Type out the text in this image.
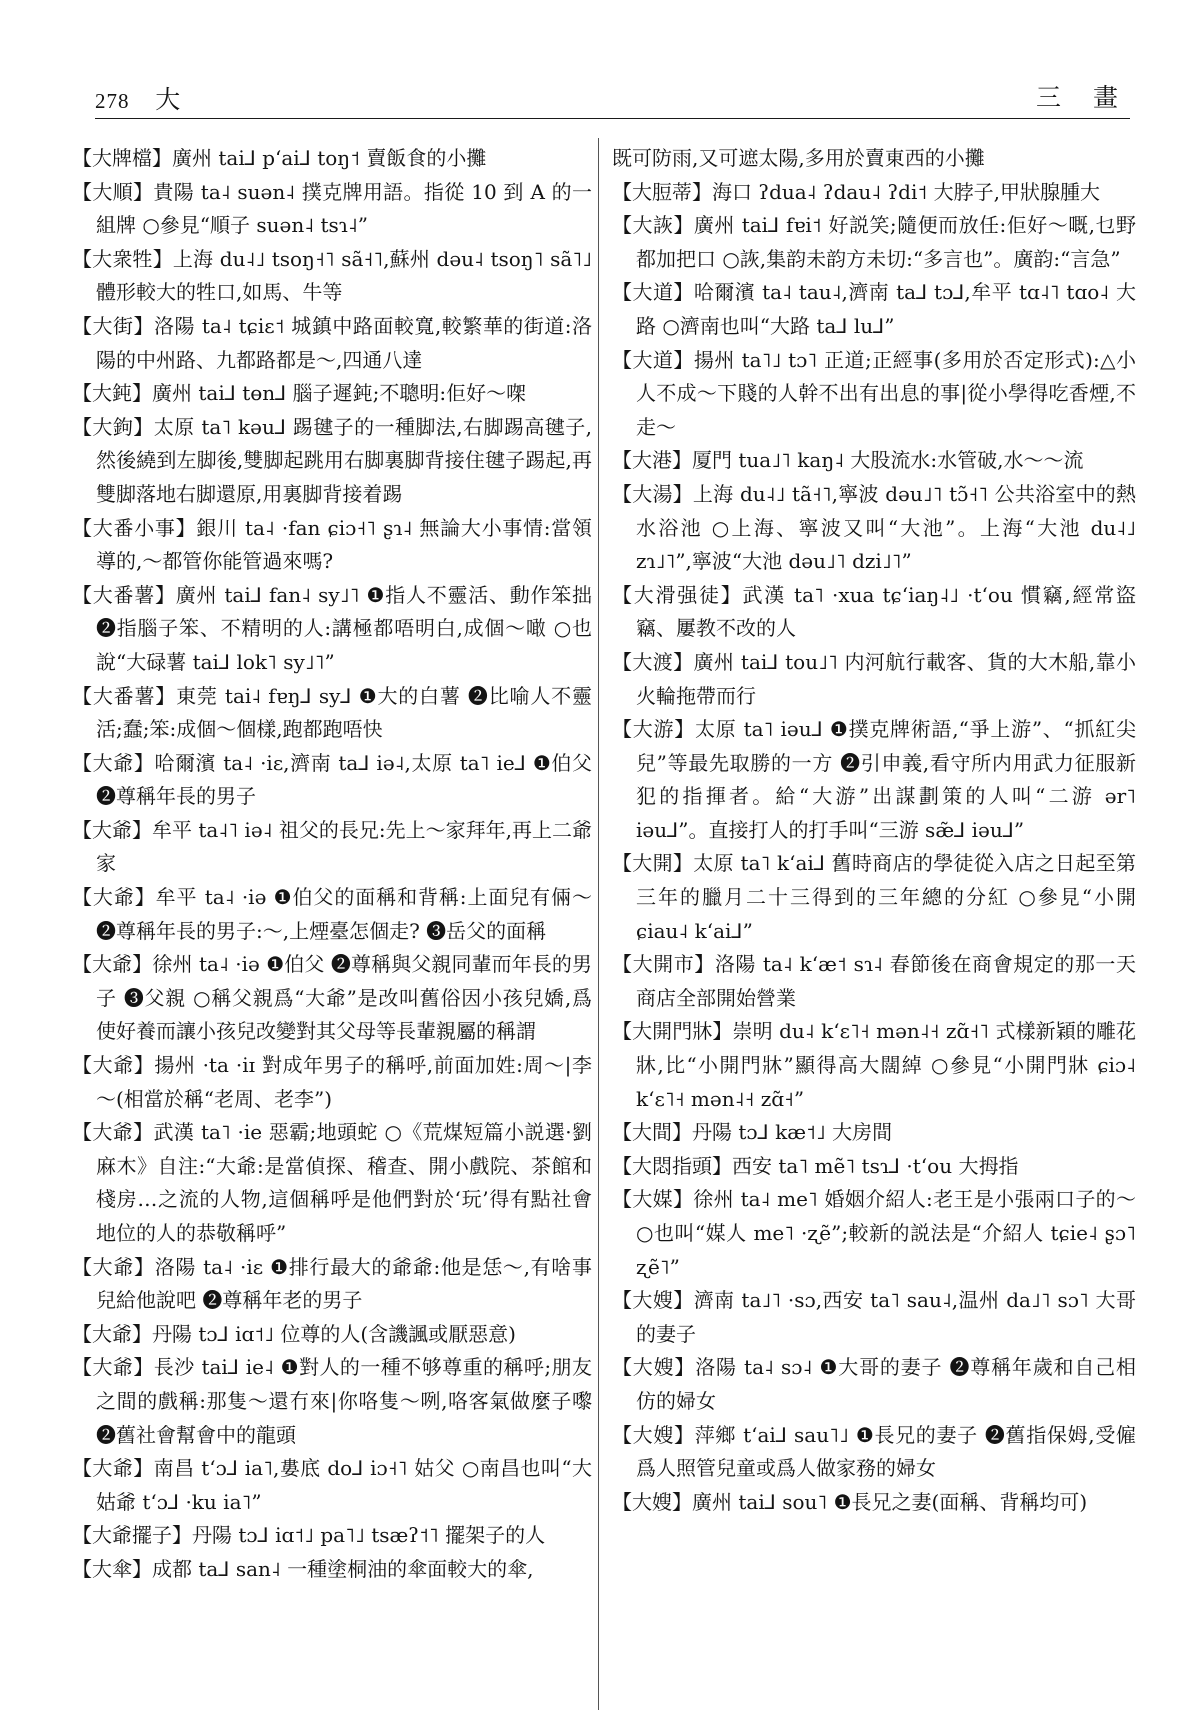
278 大	三 畫

【大牌檔】廣州 tai⅃ pʻai⅃ toŋ˦ 賣飯食的小攤

【大順】貴陽 ta˨ suən˨ 撲克牌用語。指從 10 到 A 的一組牌 ○參見“順子 suən˨ tsɿ˨”

【大衆牲】上海 du˨˩ tsoŋ˧˥ sã˧˥,蘇州 dəu˨ tsoŋ˥ sã˥˩ 體形較大的牲口,如馬、牛等

【大街】洛陽 ta˨ tɕiɛ˦ 城鎮中路面較寬,較繁華的街道:洛陽的中州路、九都路都是～,四通八達

【大鈍】廣州 tai⅃ tɵn⅃ 腦子遲鈍;不聰明:佢好～㗎

【大鉤】太原 ta˥ kəu⅃ 踢毽子的一種脚法,右脚踢高毽子,然後繞到左脚後,雙脚起跳用右脚裏脚背接住毽子踢起,再雙脚落地右脚還原,用裏脚背接着踢

【大番小事】銀川 ta˨ ·fan ɕiɔ˧˥ ʂɿ˨ 無論大小事情:當領導的,～都管你能管過來嗎?

【大番薯】廣州 tai⅃ fan˨ sy˩˥ ❶指人不靈活、動作笨拙 ❷指腦子笨、不精明的人:講極都唔明白,成個～噉 ○也說“大碌薯 tai⅃ lok˥ sy˩˥”

【大番薯】東莞 tai˨ fɐŋ⅃ sy⅃ ❶大的白薯 ❷比喻人不靈活;蠢;笨:成個～個樣,跑都跑唔快

【大爺】哈爾濱 ta˨ ·iɛ,濟南 ta⅃ iə˨,太原 ta˥ ie⅃ ❶伯父 ❷尊稱年長的男子

【大爺】牟平 ta˨˥ iə˨ 祖父的長兄:先上～家拜年,再上二爺家

【大爺】牟平 ta˨ ·iə ❶伯父的面稱和背稱:上面兒有倆～ ❷尊稱年長的男子:～,上煙臺怎個走? ❸岳父的面稱

【大爺】徐州 ta˨ ·iə ❶伯父 ❷尊稱與父親同輩而年長的男子 ❸父親 ○稱父親爲“大爺”是改叫舊俗因小孩兒嬌,爲使好養而讓小孩兒改變對其父母等長輩親屬的稱謂

【大爺】揚州 ·ta ·iɪ 對成年男子的稱呼,前面加姓:周～|李～(相當於稱“老周、老李”)

【大爺】武漢 ta˥ ·ie 惡霸;地頭蛇 ○《荒煤短篇小説選·劉麻木》自注:“大爺:是當偵探、稽查、開小戲院、茶館和棧房…之流的人物,這個稱呼是他們對於‘玩’得有點社會地位的人的恭敬稱呼”

【大爺】洛陽 ta˨ ·iɛ ❶排行最大的爺爺:他是恁～,有啥事兒給他說吧 ❷尊稱年老的男子

【大爺】丹陽 tɔ⅃ iɑ˦˩ 位尊的人(含譏諷或厭惡意)

【大爺】長沙 tai⅃ ie˨ ❶對人的一種不够尊重的稱呼;朋友之間的戲稱:那隻～還冇來|你咯隻～咧,咯客氣做麼子嚟 ❷舊社會幫會中的龍頭

【大爺】南昌 tʻɔ⅃ ia˥,婁底 do⅃ iɔ˧˥ 姑父 ○南昌也叫“大姑爺 tʻɔ⅃ ·ku ia˥”

【大爺擺子】丹陽 tɔ⅃ iɑ˦˩ pa˥˩ tsæʔ˦˥ 擺架子的人

【大傘】成都 ta⅃ san˨ 一種塗桐油的傘面較大的傘,

既可防雨,又可遮太陽,多用於賣東西的小攤

【大脰蒂】海口 ʔdua˨ ʔdau˨ ʔdi˦ 大脖子,甲狀腺腫大

【大詼】廣州 tai⅃ fɐi˦ 好説笑;隨便而放任:佢好～嘅,乜野都加把口 ○詼,集韵未韵方未切:“多言也”。廣韵:“言急”

【大道】哈爾濱 ta˨ tau˨,濟南 ta⅃ tɔ⅃,牟平 tɑ˨˥ tɑo˨ 大路 ○濟南也叫“大路 ta⅃ lu⅃”

【大道】揚州 ta˥˩ tɔ˥ 正道;正經事(多用於否定形式):△小人不成～下賤的人幹不出有出息的事|從小學得吃香煙,不走～

【大港】厦門 tua˩˥ kaŋ˨ 大股流水:水管破,水～～流

【大湯】上海 du˨˩ tã˧˥,寧波 dəu˩˥ tɔ̃˧˥ 公共浴室中的熱水浴池 ○上海、寧波又叫“大池”。上海“大池 du˨˩ zɿ˩˥”,寧波“大池 dəu˩˥ dzi˩˥”

【大滑强徒】武漢 ta˥ ·xua tɕʻiaŋ˨˩ ·tʻou 慣竊,經常盜竊、屢教不改的人

【大渡】廣州 tai⅃ tou˩˥ 内河航行載客、貨的大木船,靠小火輪拖帶而行

【大游】太原 ta˥ iəu⅃ ❶撲克牌術語,“爭上游”、“抓紅尖兒”等最先取勝的一方 ❷引申義,看守所内用武力征服新犯的指揮者。給“大游”出謀劃策的人叫“二游 ər˥ iəu⅃”。直接打人的打手叫“三游 sæ̃⅃ iəu⅃”

【大開】太原 ta˥ kʻai⅃ 舊時商店的學徒從入店之日起至第三年的臘月二十三得到的三年總的分紅 ○參見“小開 ɕiau˨ kʻai⅃”

【大開市】洛陽 ta˨ kʻæ˦ sɿ˨ 春節後在商會規定的那一天商店全部開始營業

【大開門牀】崇明 du˨ kʻɛ˥˧ mən˨˧ zɑ̃˧˥ 式樣新穎的雕花牀,比“小開門牀”顯得高大闊綽 ○參見“小開門牀 ɕiɔ˨ kʻɛ˥˧ mən˨˧ zɑ̃˧”

【大間】丹陽 tɔ⅃ kæ˦˩ 大房間

【大悶指頭】西安 ta˥ mẽ˥ tsɿ⅃ ·tʻou 大拇指

【大媒】徐州 ta˨ me˥ 婚姻介紹人:老王是小張兩口子的～ ○也叫“媒人 me˥ ·ʐẽ”;較新的説法是“介紹人 tɕie˨ ʂɔ˥ ʐẽ˥”

【大嫂】濟南 ta˩˥ ·sɔ,西安 ta˥ sau˨,温州 da˩˥ sɔ˥ 大哥的妻子

【大嫂】洛陽 ta˨ sɔ˨ ❶大哥的妻子 ❷尊稱年歲和自己相仿的婦女

【大嫂】萍鄉 tʻai⅃ sau˥˩ ❶長兄的妻子 ❷舊指保姆,受僱爲人照管兒童或爲人做家務的婦女

【大嫂】廣州 tai⅃ sou˥ ❶長兄之妻(面稱、背稱均可)
